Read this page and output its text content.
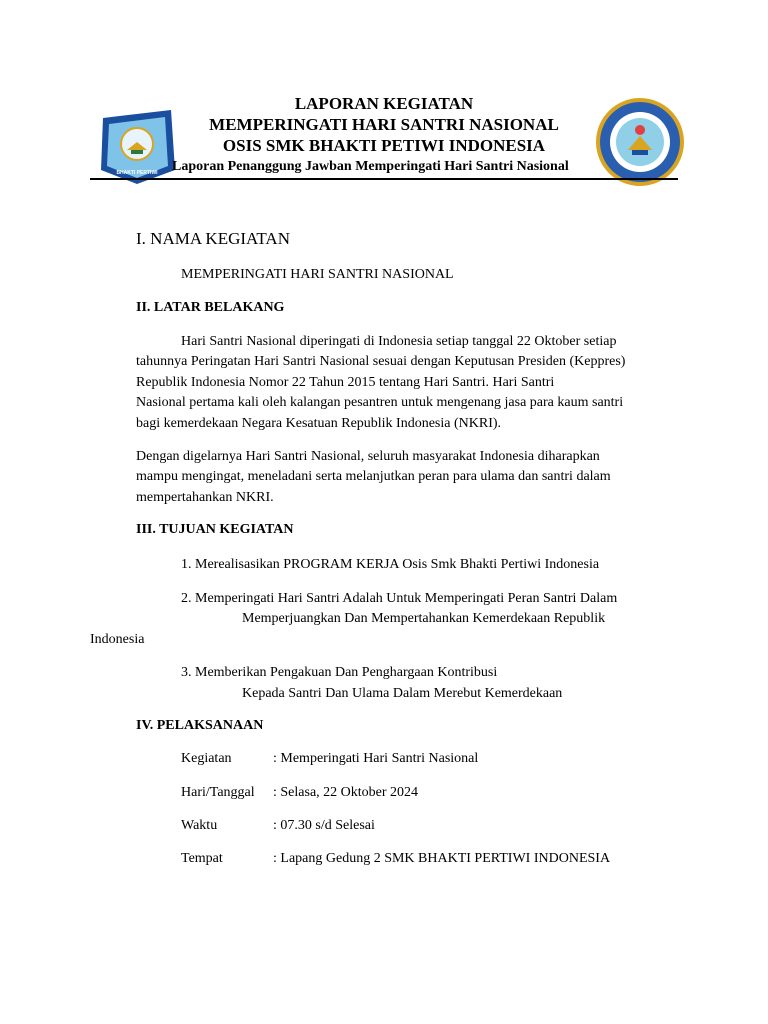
BHAKTI PERTIWI
LAPORAN KEGIATAN
MEMPERINGATI HARI SANTRI NASIONAL
OSIS SMK BHAKTI PETIWI INDONESIA
Laporan Penanggung Jawban Memperingati Hari Santri Nasional
I. NAMA KEGIATAN
MEMPERINGATI HARI SANTRI NASIONAL
II. LATAR BELAKANG
Hari Santri Nasional diperingati di Indonesia setiap tanggal 22 Oktober setiap
tahunnya Peringatan Hari Santri Nasional sesuai dengan Keputusan Presiden (Keppres)
Republik Indonesia Nomor 22 Tahun 2015 tentang Hari Santri. Hari Santri
Nasional pertama kali oleh kalangan pesantren untuk mengenang jasa para kaum santri
bagi kemerdekaan Negara Kesatuan Republik Indonesia (NKRI).
Dengan digelarnya Hari Santri Nasional, seluruh masyarakat Indonesia diharapkan
mampu mengingat, meneladani serta melanjutkan peran para ulama dan santri dalam
mempertahankan NKRI.
III. TUJUAN KEGIATAN
1. Merealisasikan PROGRAM KERJA Osis Smk Bhakti Pertiwi Indonesia
2. Memperingati Hari Santri Adalah Untuk Memperingati Peran Santri Dalam
Memperjuangkan Dan Mempertahankan Kemerdekaan Republik
Indonesia
3. Memberikan Pengakuan Dan Penghargaan Kontribusi
Kepada Santri Dan Ulama Dalam Merebut Kemerdekaan
IV. PELAKSANAAN
Kegiatan	: Memperingati Hari Santri Nasional
Hari/Tanggal : Selasa, 22 Oktober 2024
Waktu	: 07.30 s/d Selesai
Tempat	: Lapang Gedung 2 SMK BHAKTI PERTIWI INDONESIA
